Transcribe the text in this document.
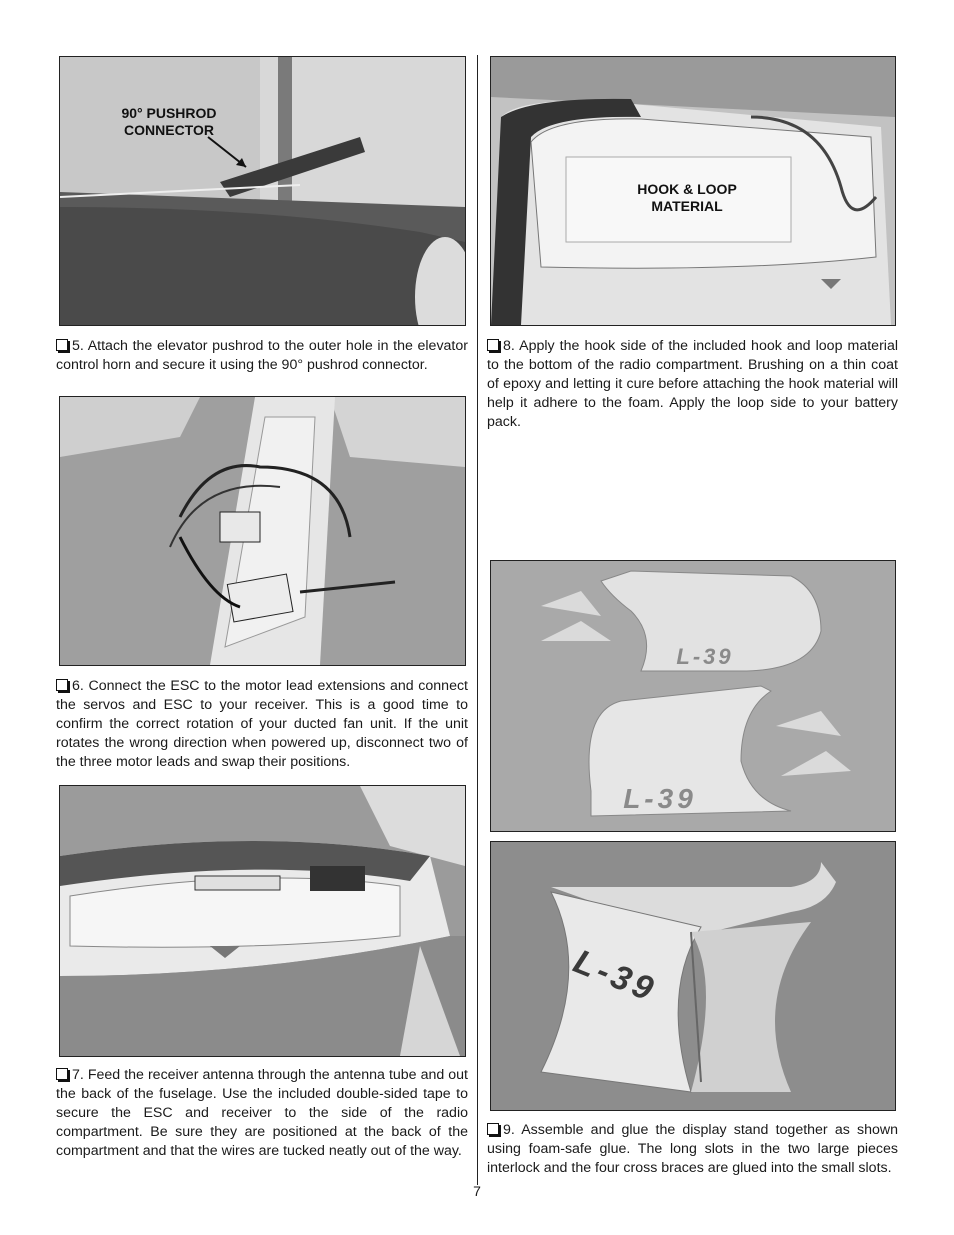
90° PUSHROD CONNECTOR

5. Attach the elevator pushrod to the outer hole in the elevator control horn and secure it using the 90° pushrod connector.

6. Connect the ESC to the motor lead extensions and connect the servos and ESC to your receiver. This is a good time to confirm the correct rotation of your ducted fan unit. If the unit rotates the wrong direction when powered up, disconnect two of the three motor leads and swap their positions.

7. Feed the receiver antenna through the antenna tube and out the back of the fuselage. Use the included double-sided tape to secure the ESC and receiver to the side of the radio compartment. Be sure they are positioned at the back of the compartment and that the wires are tucked neatly out of the way.

HOOK & LOOP MATERIAL

8. Apply the hook side of the included hook and loop material to the bottom of the radio compartment. Brushing on a thin coat of epoxy and letting it cure before attaching the hook material will help it adhere to the foam. Apply the loop side to your battery pack.

L-39
L-39
L-39

9. Assemble and glue the display stand together as shown using foam-safe glue. The long slots in the two large pieces interlock and the four cross braces are glued into the small slots.

7
